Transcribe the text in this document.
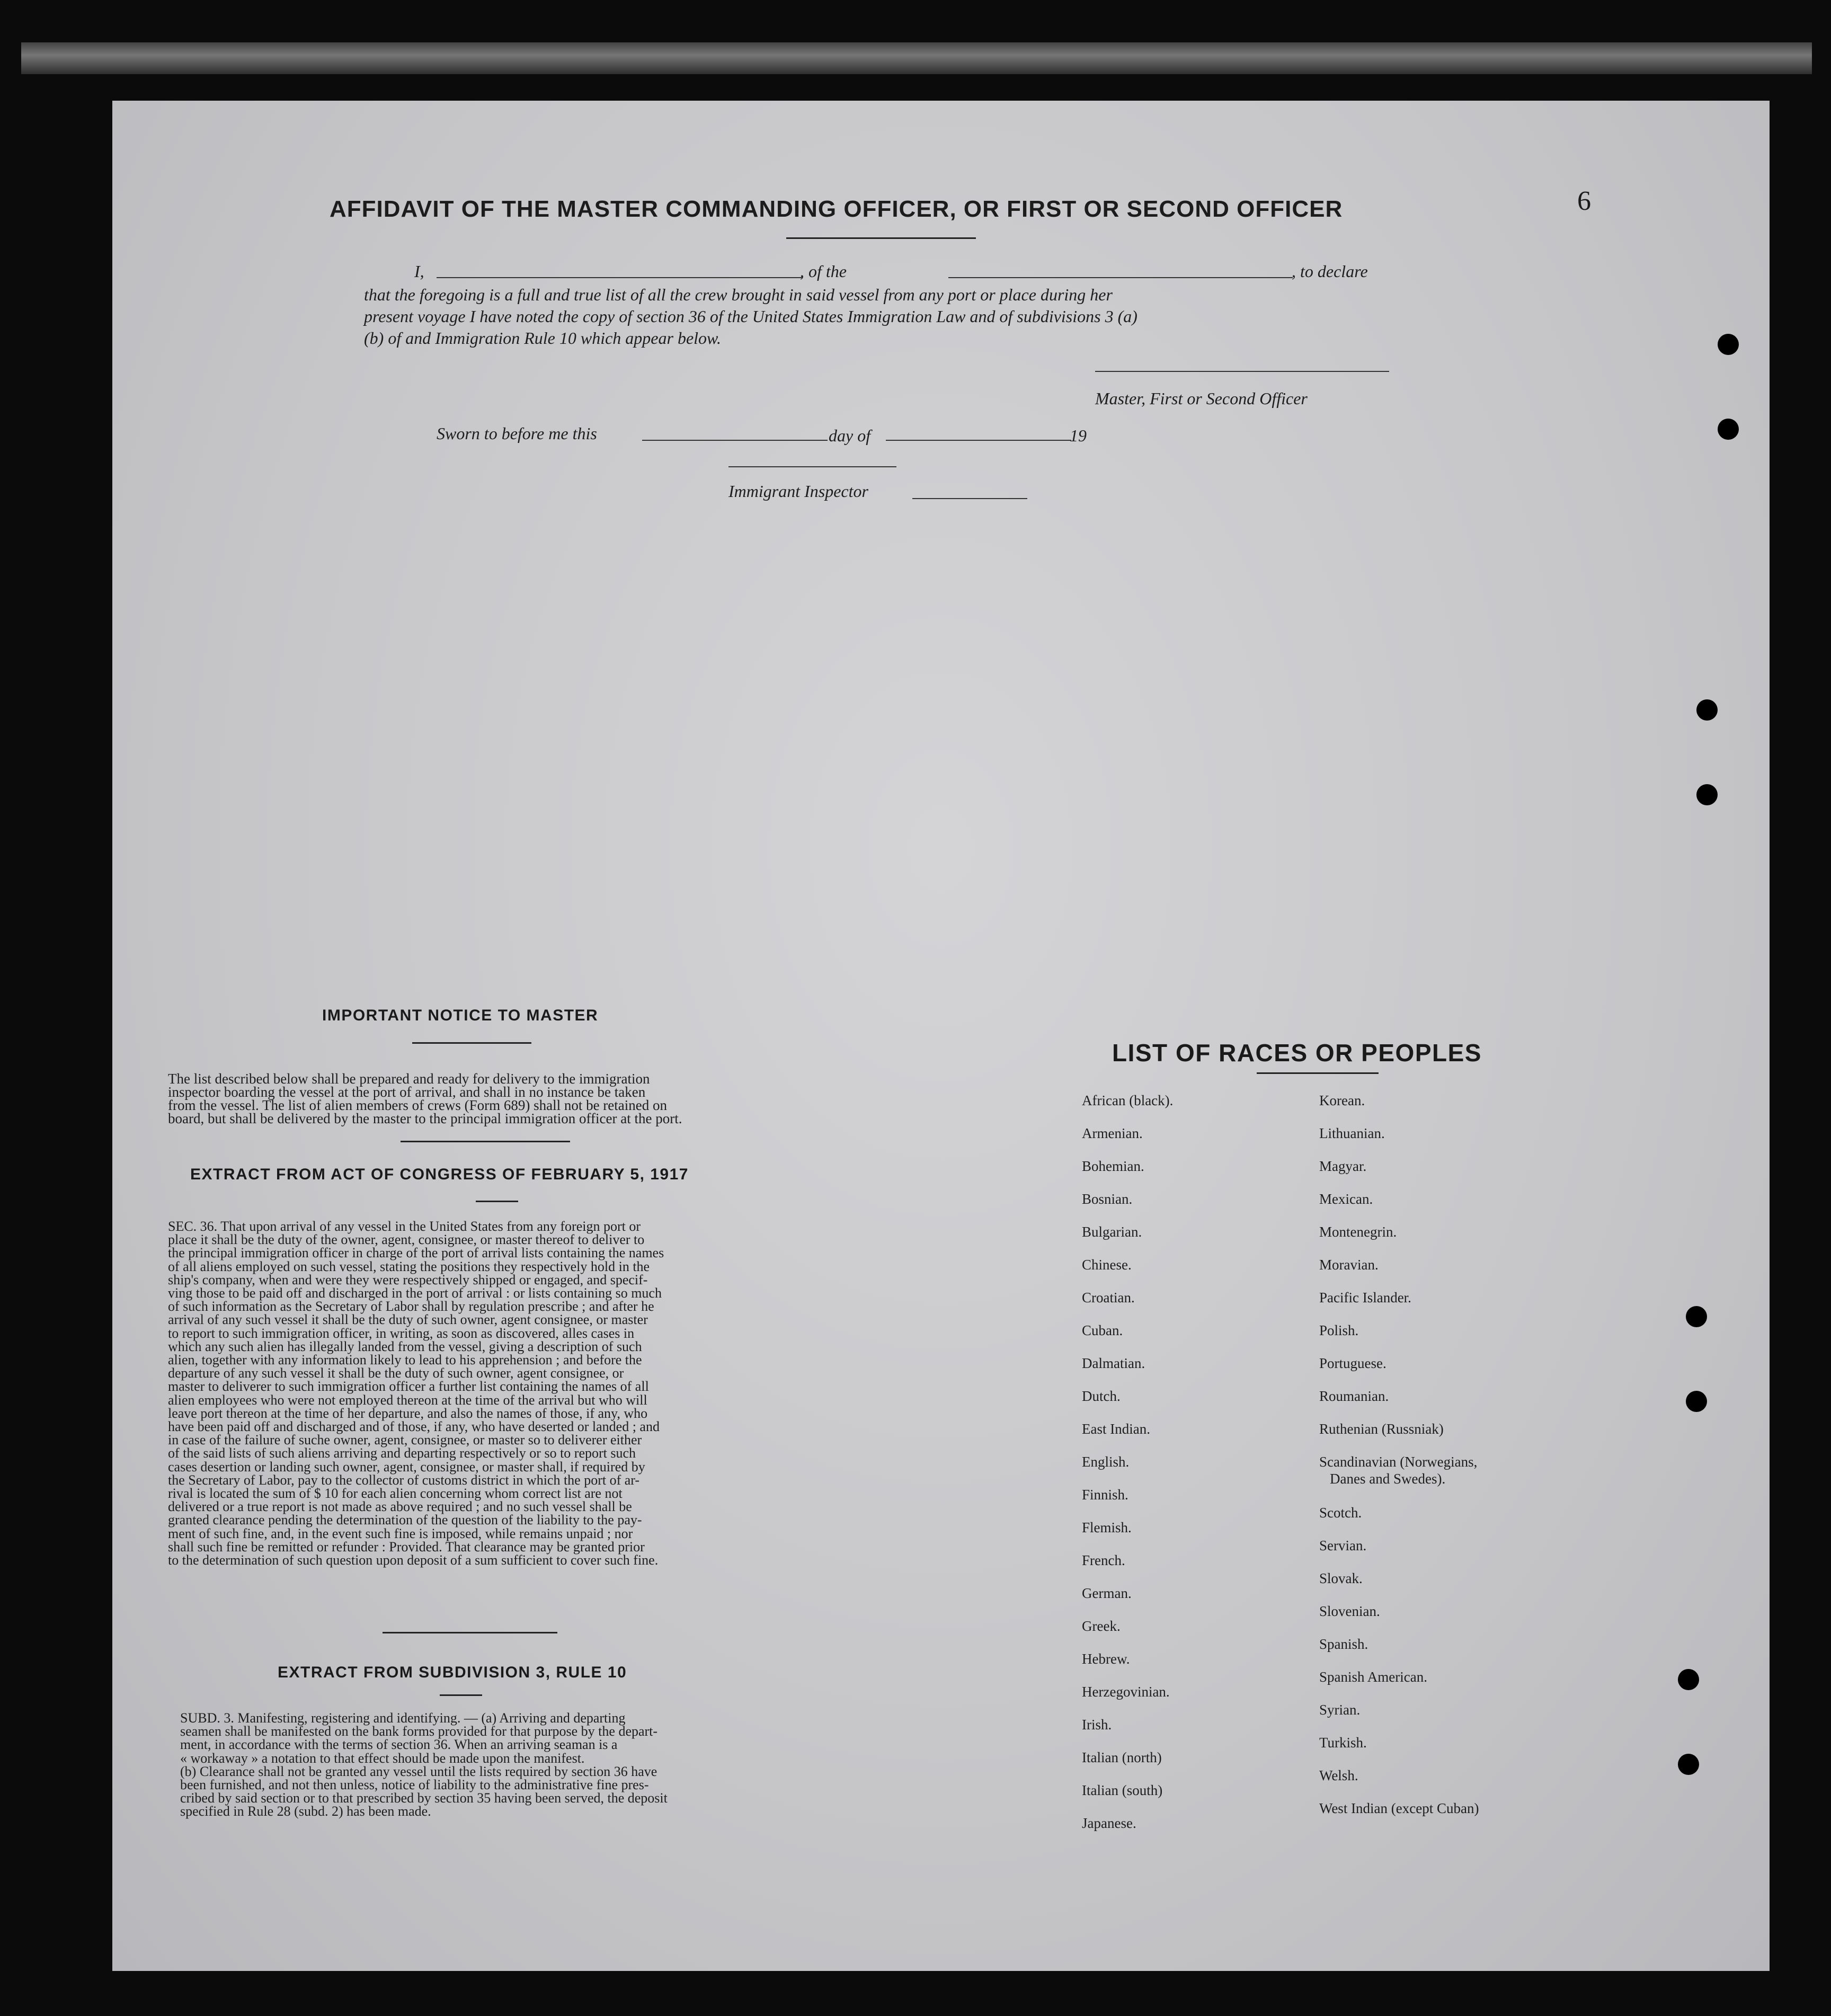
AFFIDAVIT OF THE MASTER COMMANDING OFFICER, OR FIRST OR SECOND OFFICER	6
I,	, of the	, to declare
that the foregoing is a full and true list of all the crew brought in said vessel from any port or place during her
present voyage I have noted the copy of section 36 of the United States Immigration Law and of subdivisions 3 (a)
(b) of and Immigration Rule 10 which appear below.
Master, First or Second Officer
Sworn to before me this	day of	19
Immigrant Inspector
IMPORTANT NOTICE TO MASTER
The list described below shall be prepared and ready for delivery to the immigration
inspector boarding the vessel at the port of arrival, and shall in no instance be taken
from the vessel. The list of alien members of crews (Form 689) shall not be retained on
board, but shall be delivered by the master to the principal immigration officer at the port.
EXTRACT FROM ACT OF CONGRESS OF FEBRUARY 5, 1917
SEC. 36. That upon arrival of any vessel in the United States from any foreign port or
place it shall be the duty of the owner, agent, consignee, or master thereof to deliver to
the principal immigration officer in charge of the port of arrival lists containing the names
of all aliens employed on such vessel, stating the positions they respectively hold in the
ship's company, when and were they were respectively shipped or engaged, and specif-
ving those to be paid off and discharged in the port of arrival : or lists containing so much
of such information as the Secretary of Labor shall by regulation prescribe ; and after he
arrival of any such vessel it shall be the duty of such owner, agent consignee, or master
to report to such immigration officer, in writing, as soon as discovered, alles cases in
which any such alien has illegally landed from the vessel, giving a description of such
alien, together with any information likely to lead to his apprehension ; and before the
departure of any such vessel it shall be the duty of such owner, agent consignee, or
master to deliverer to such immigration officer a further list containing the names of all
alien employees who were not employed thereon at the time of the arrival but who will
leave port thereon at the time of her departure, and also the names of those, if any, who
have been paid off and discharged and of those, if any, who have deserted or landed ; and
in case of the failure of suche owner, agent, consignee, or master so to deliverer either
of the said lists of such aliens arriving and departing respectively or so to report such
cases desertion or landing such owner, agent, consignee, or master shall, if required by
the Secretary of Labor, pay to the collector of customs district in which the port of ar-
rival is located the sum of $ 10 for each alien concerning whom correct list are not
delivered or a true report is not made as above required ; and no such vessel shall be
granted clearance pending the determination of the question of the liability to the pay-
ment of such fine, and, in the event such fine is imposed, while remains unpaid ; nor
shall such fine be remitted or refunder : Provided. That clearance may be granted prior
to the determination of such question upon deposit of a sum sufficient to cover such fine.
EXTRACT FROM SUBDIVISION 3, RULE 10
SUBD. 3. Manifesting, registering and identifying. — (a) Arriving and departing
seamen shall be manifested on the bank forms provided for that purpose by the depart-
ment, in accordance with the terms of section 36. When an arriving seaman is a
« workaway » a notation to that effect should be made upon the manifest.
(b) Clearance shall not be granted any vessel until the lists required by section 36 have
been furnished, and not then unless, notice of liability to the administrative fine pres-
cribed by said section or to that prescribed by section 35 having been served, the deposit
specified in Rule 28 (subd. 2) has been made.
LIST OF RACES OR PEOPLES
African (black).
Armenian.
Bohemian.
Bosnian.
Bulgarian.
Chinese.
Croatian.
Cuban.
Dalmatian.
Dutch.
East Indian.
English.
Finnish.
Flemish.
French.
German.
Greek.
Hebrew.
Herzegovinian.
Irish.
Italian (north)
Italian (south)
Japanese.
Korean.
Lithuanian.
Magyar.
Mexican.
Montenegrin.
Moravian.
Pacific Islander.
Polish.
Portuguese.
Roumanian.
Ruthenian (Russniak)
Scandinavian (Norwegians,
Danes and Swedes).
Scotch.
Servian.
Slovak.
Slovenian.
Spanish.
Spanish American.
Syrian.
Turkish.
Welsh.
West Indian (except Cuban)
